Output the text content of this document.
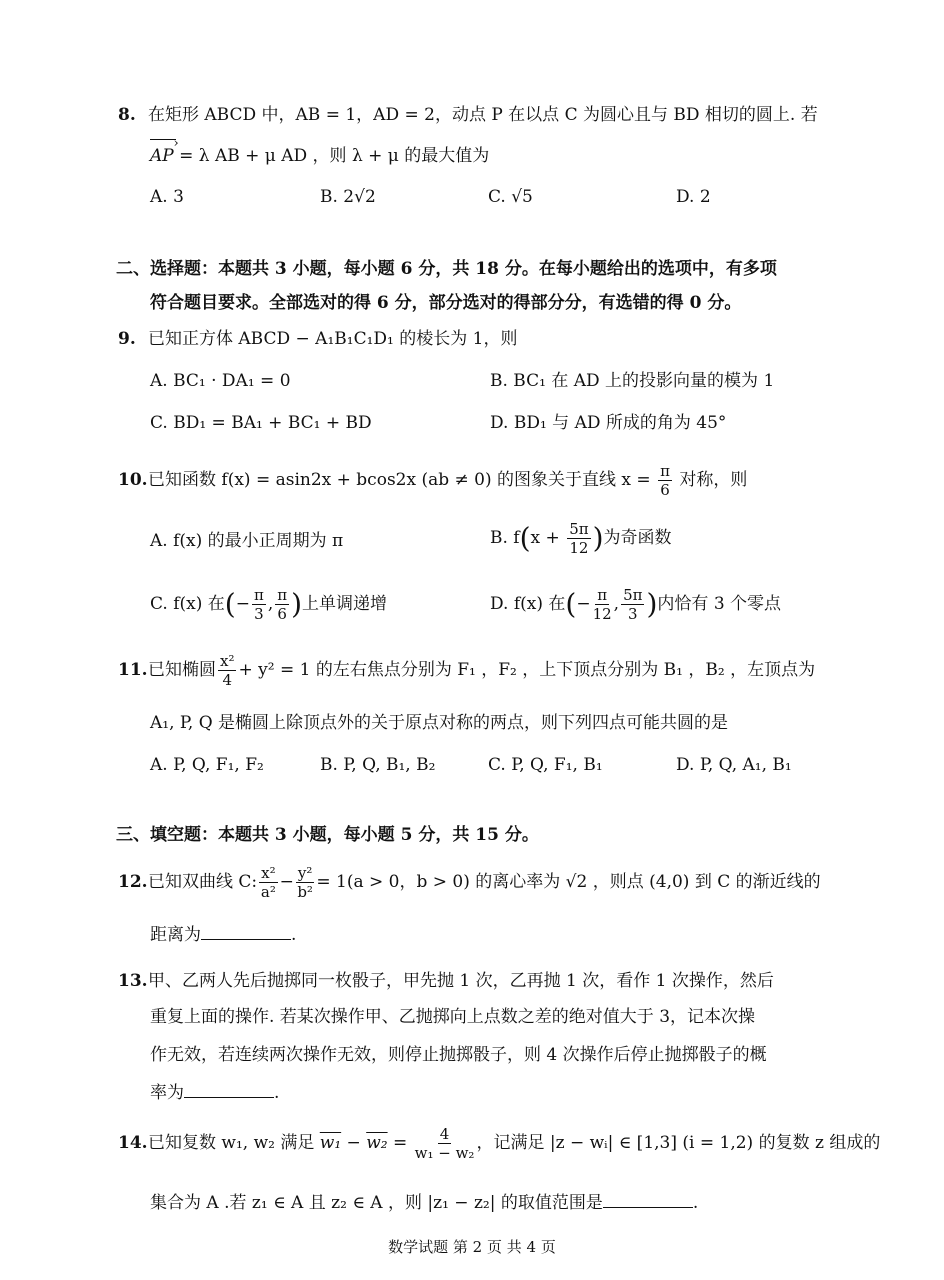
8. 在矩形 ABCD 中，AB = 1，AD = 2，动点 P 在以点 C 为圆心且与 BD 相切的圆上. 若
AP › = λ AB + μ AD ，则 λ + μ 的最大值为
A. 3	B. 2√2	C. √5	D. 2
二、选择题：本题共 3 小题，每小题 6 分，共 18 分。在每小题给出的选项中，有多项
符合题目要求。全部选对的得 6 分，部分选对的得部分分，有选错的得 0 分。
9. 已知正方体 ABCD − A₁B₁C₁D₁ 的棱长为 1，则
A. BC₁ · DA₁ = 0	B. BC₁ 在 AD 上的投影向量的模为 1
C. BD₁ = BA₁ + BC₁ + BD	D. BD₁ 与 AD 所成的角为 45°
10.已知函数 f(x) = asin2x + bcos2x (ab ≠ 0) 的图象关于直线 $x = \frac{\pi}{6}$ 对称，则
A. f(x) 的最小正周期为 π	B. $f(x + \frac{5\pi}{12}$ )为奇函数
C. f(x) 在(− $\frac{\pi}{3}$ , $\frac{\pi}{6}$ )上单调递增	D. f(x) 在(− $\frac{\pi}{12}$ , $\frac{5\pi}{3}$ )内恰有 3 个零点
11.已知椭圆 $\frac{\text{x²}}{4} + y^2 = 1$ 的左右焦点分别为 F₁ ，F₂ ，上下顶点分别为 B₁ ，B₂ ，左顶点为
A₁, P, Q 是椭圆上除顶点外的关于原点对称的两点，则下列四点可能共圆的是
A. P, Q, F₁, F₂	B. P, Q, B₁, B₂	C. P, Q, F₁, B₁	D. P, Q, A₁, B₁
三、填空题：本题共 3 小题，每小题 5 分，共 15 分。
12.已知双曲线 C: $\frac{\text{x²}}{\text{a²}} - \frac{\text{y²}}{\text{b²}} = 1(a > 0$，b > 0) 的离心率为 √2 ，则点 (4,0) 到 C 的渐近线的
距离为	.
13.甲、乙两人先后抛掷同一枚骰子，甲先抛 1 次，乙再抛 1 次，看作 1 次操作，然后
重复上面的操作. 若某次操作甲、乙抛掷向上点数之差的绝对值大于 3，记本次操
作无效，若连续两次操作无效，则停止抛掷骰子，则 4 次操作后停止抛掷骰子的概
率为	.
14.已知复数 w₁, w₂ 满足 $w_1 - w_2 = \frac{4}{\text{w₁ − w₂}}$ ，记满足 |z − wᵢ| ∈ [1,3] (i = 1,2) 的复数 z 组成的
集合为 A .若 z₁ ∈ A 且 z₂ ∈ A ，则 |z₁ − z₂| 的取值范围是	.
数学试题 第 2 页 共 4 页
